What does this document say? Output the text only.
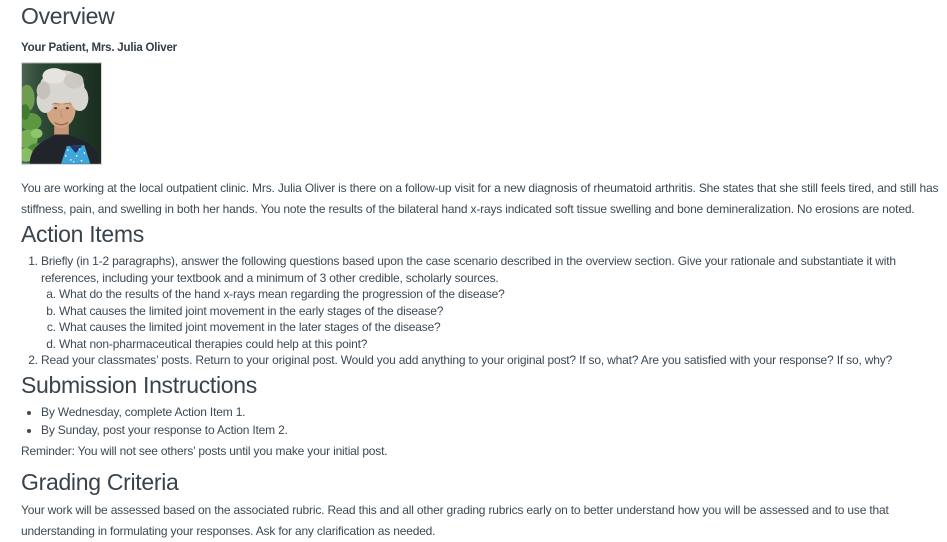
Overview

Your Patient, Mrs. Julia Oliver

You are working at the local outpatient clinic. Mrs. Julia Oliver is there on a follow-up visit for a new diagnosis of rheumatoid arthritis. She states that she still feels tired, and still has stiffness, pain, and swelling in both her hands. You note the results of the bilateral hand x-rays indicated soft tissue swelling and bone demineralization. No erosions are noted.

Action Items
1. Briefly (in 1-2 paragraphs), answer the following questions based upon the case scenario described in the overview section. Give your rationale and substantiate it with references, including your textbook and a minimum of 3 other credible, scholarly sources.
a. What do the results of the hand x-rays mean regarding the progression of the disease?
b. What causes the limited joint movement in the early stages of the disease?
c. What causes the limited joint movement in the later stages of the disease?
d. What non-pharmaceutical therapies could help at this point?
2. Read your classmates’ posts. Return to your original post. Would you add anything to your original post? If so, what? Are you satisfied with your response? If so, why?
Submission Instructions
• By Wednesday, complete Action Item 1.
• By Sunday, post your response to Action Item 2.

Reminder: You will not see others’ posts until you make your initial post.

Grading Criteria

Your work will be assessed based on the associated rubric. Read this and all other grading rubrics early on to better understand how you will be assessed and to use that understanding in formulating your responses. Ask for any clarification as needed.
